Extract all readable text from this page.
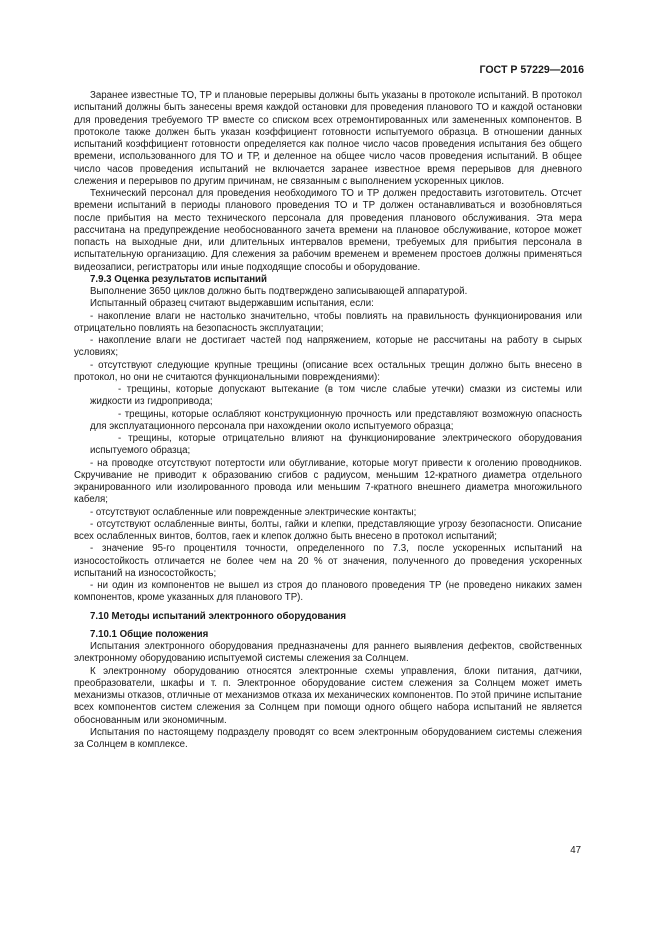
ГОСТ Р 57229—2016

Заранее известные ТО, ТР и плановые перерывы должны быть указаны в протоколе испытаний. В протокол испытаний должны быть занесены время каждой остановки для проведения планового ТО и каждой остановки для проведения требуемого ТР вместе со списком всех отремонтированных или замененных компонентов. В протоколе также должен быть указан коэффициент готовности испытуемого образца. В отношении данных испытаний коэффициент готовности определяется как полное число часов проведения испытания без общего времени, использованного для ТО и ТР, и деленное на общее число часов проведения испытаний. В общее число часов проведения испытаний не включается заранее известное время перерывов для дневного слежения и перерывов по другим причинам, не связанным с выполнением ускоренных циклов.

Технический персонал для проведения необходимого ТО и ТР должен предоставить изготовитель. Отсчет времени испытаний в периоды планового проведения ТО и ТР должен останавливаться и возобновляться после прибытия на место технического персонала для проведения планового обслуживания. Эта мера рассчитана на предупреждение необоснованного зачета времени на плановое обслуживание, которое может попасть на выходные дни, или длительных интервалов времени, требуемых для прибытия персонала в испытательную организацию. Для слежения за рабочим временем и временем простоев должны применяться видеозаписи, регистраторы или иные подходящие способы и оборудование.

7.9.3 Оценка результатов испытаний

Выполнение 3650 циклов должно быть подтверждено записывающей аппаратурой.

Испытанный образец считают выдержавшим испытания, если:

- накопление влаги не настолько значительно, чтобы повлиять на правильность функционирования или отрицательно повлиять на безопасность эксплуатации;

- накопление влаги не достигает частей под напряжением, которые не рассчитаны на работу в сырых условиях;

- отсутствуют следующие крупные трещины (описание всех остальных трещин должно быть внесено в протокол, но они не считаются функциональными повреждениями):

- трещины, которые допускают вытекание (в том числе слабые утечки) смазки из системы или жидкости из гидропривода;

- трещины, которые ослабляют конструкционную прочность или представляют возможную опасность для эксплуатационного персонала при нахождении около испытуемого образца;

- трещины, которые отрицательно влияют на функционирование электрического оборудования испытуемого образца;

- на проводке отсутствуют потертости или обугливание, которые могут привести к оголению проводников. Скручивание не приводит к образованию сгибов с радиусом, меньшим 12-кратного диаметра отдельного экранированного или изолированного провода или меньшим 7-кратного внешнего диаметра многожильного кабеля;

- отсутствуют ослабленные или поврежденные электрические контакты;

- отсутствуют ослабленные винты, болты, гайки и клепки, представляющие угрозу безопасности. Описание всех ослабленных винтов, болтов, гаек и клепок должно быть внесено в протокол испытаний;

- значение 95-го процентиля точности, определенного по 7.3, после ускоренных испытаний на износостойкость отличается не более чем на 20 % от значения, полученного до проведения ускоренных испытаний на износостойкость;

- ни один из компонентов не вышел из строя до планового проведения ТР (не проведено никаких замен компонентов, кроме указанных для планового ТР).

7.10 Методы испытаний электронного оборудования

7.10.1 Общие положения

Испытания электронного оборудования предназначены для раннего выявления дефектов, свойственных электронному оборудованию испытуемой системы слежения за Солнцем.

К электронному оборудованию относятся электронные схемы управления, блоки питания, датчики, преобразователи, шкафы и т. п. Электронное оборудование систем слежения за Солнцем может иметь механизмы отказов, отличные от механизмов отказа их механических компонентов. По этой причине испытание всех компонентов систем слежения за Солнцем при помощи одного общего набора испытаний не является обоснованным или экономичным.

Испытания по настоящему подразделу проводят со всем электронным оборудованием системы слежения за Солнцем в комплексе.

47
